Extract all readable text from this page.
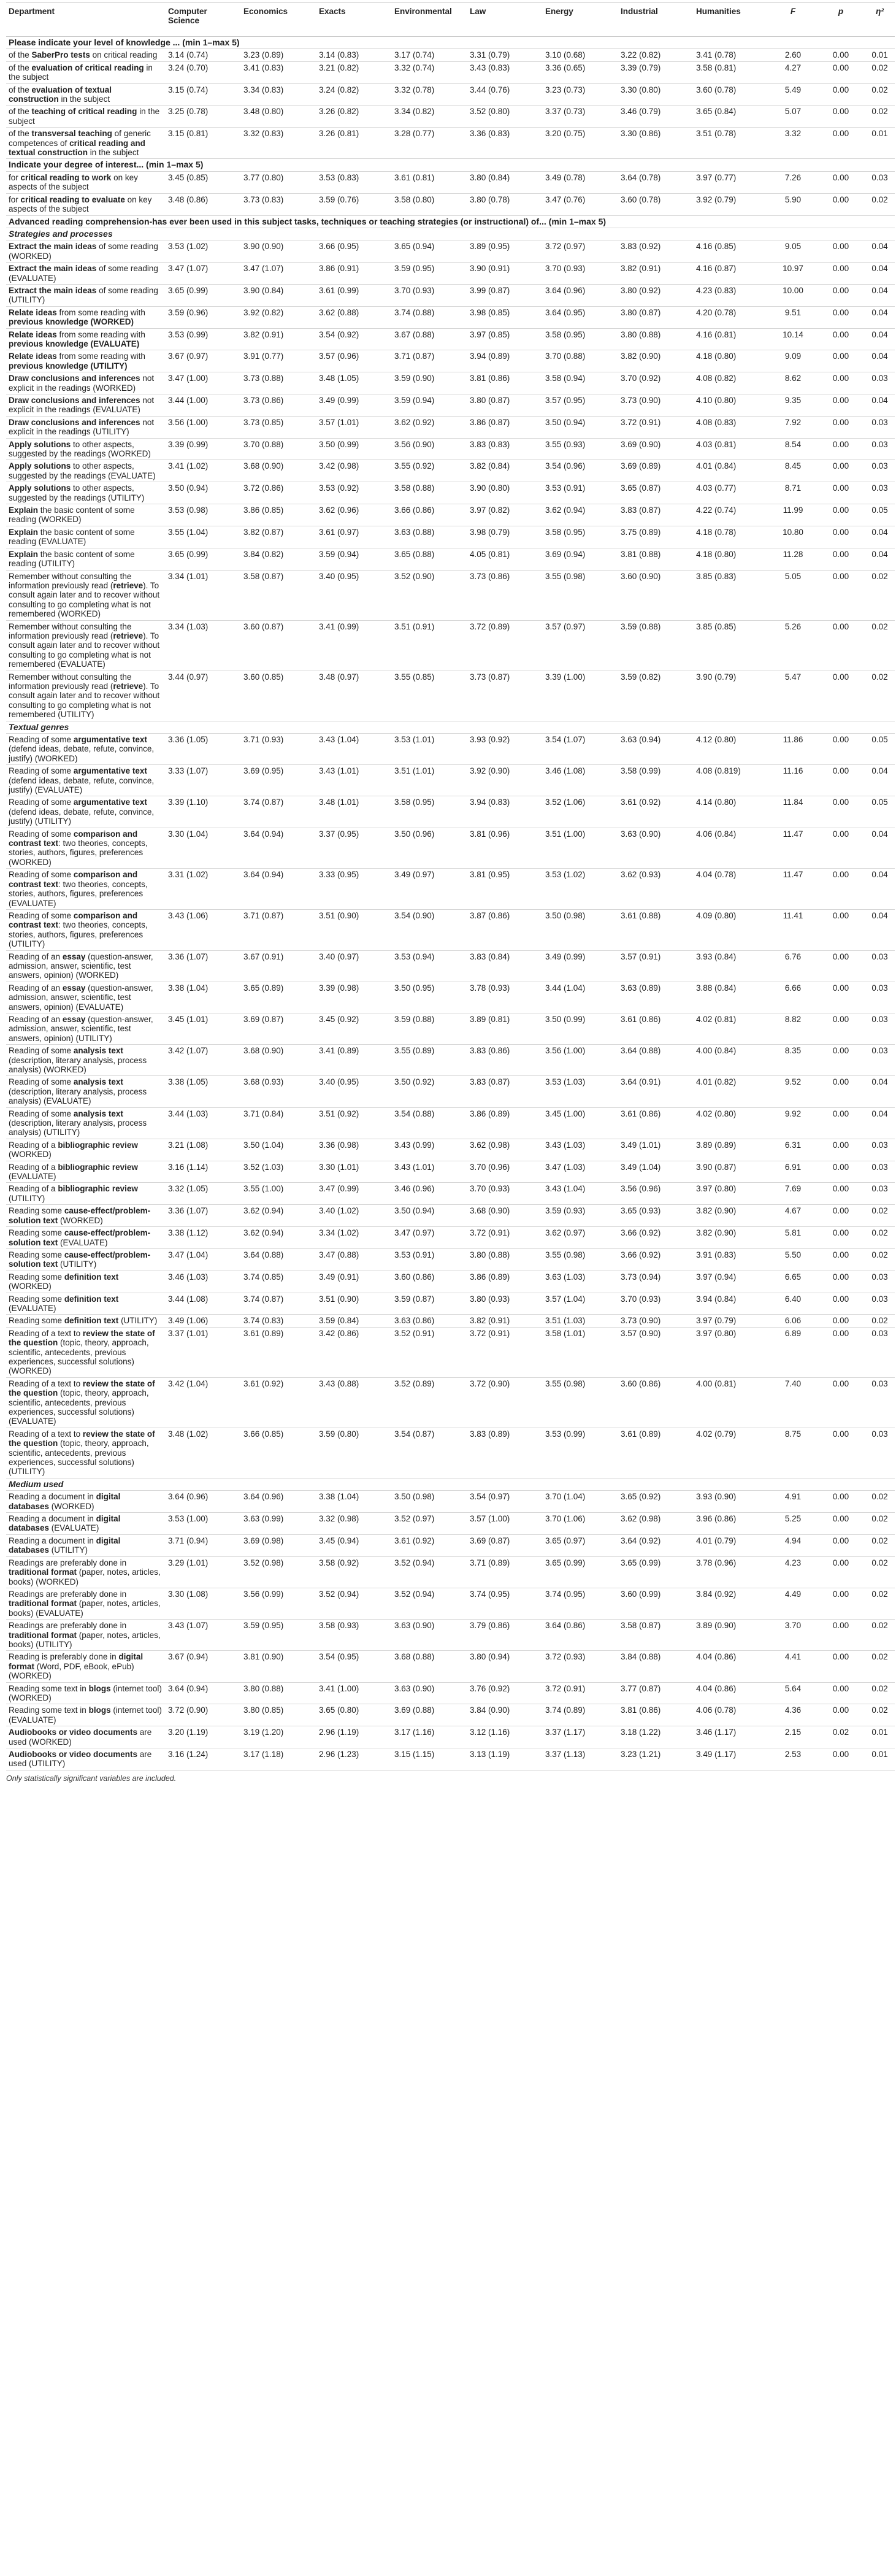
Department	Computer Science	Economics	Exacts	Environmental	Law	Energy	Industrial	Humanities	F	p	η²
Please indicate your level of knowledge ... (min 1–max 5)											
of the SaberPro tests on critical reading	3.14 (0.74)	3.23 (0.89)	3.14 (0.83)	3.17 (0.74)	3.31 (0.79)	3.10 (0.68)	3.22 (0.82)	3.41 (0.78)	2.60	0.00	0.01
of the evaluation of critical reading in the subject	3.24 (0.70)	3.41 (0.83)	3.21 (0.82)	3.32 (0.74)	3.43 (0.83)	3.36 (0.65)	3.39 (0.79)	3.58 (0.81)	4.27	0.00	0.02
of the evaluation of textual construction in the subject	3.15 (0.74)	3.34 (0.83)	3.24 (0.82)	3.32 (0.78)	3.44 (0.76)	3.23 (0.73)	3.30 (0.80)	3.60 (0.78)	5.49	0.00	0.02
of the teaching of critical reading in the subject	3.25 (0.78)	3.48 (0.80)	3.26 (0.82)	3.34 (0.82)	3.52 (0.80)	3.37 (0.73)	3.46 (0.79)	3.65 (0.84)	5.07	0.00	0.02
of the transversal teaching of generic competences of critical reading and textual construction in the subject	3.15 (0.81)	3.32 (0.83)	3.26 (0.81)	3.28 (0.77)	3.36 (0.83)	3.20 (0.75)	3.30 (0.86)	3.51 (0.78)	3.32	0.00	0.01
Indicate your degree of interest... (min 1–max 5)											
for critical reading to work on key aspects of the subject	3.45 (0.85)	3.77 (0.80)	3.53 (0.83)	3.61 (0.81)	3.80 (0.84)	3.49 (0.78)	3.64 (0.78)	3.97 (0.77)	7.26	0.00	0.03
for critical reading to evaluate on key aspects of the subject	3.48 (0.86)	3.73 (0.83)	3.59 (0.76)	3.58 (0.80)	3.80 (0.78)	3.47 (0.76)	3.60 (0.78)	3.92 (0.79)	5.90	0.00	0.02
Advanced reading comprehension-has ever been used in this subject tasks, techniques or teaching strategies (or instructional) of... (min 1–max 5)											
Strategies and processes											
Extract the main ideas of some reading (WORKED)	3.53 (1.02)	3.90 (0.90)	3.66 (0.95)	3.65 (0.94)	3.89 (0.95)	3.72 (0.97)	3.83 (0.92)	4.16 (0.85)	9.05	0.00	0.04
Extract the main ideas of some reading (EVALUATE)	3.47 (1.07)	3.47 (1.07)	3.86 (0.91)	3.59 (0.95)	3.90 (0.91)	3.70 (0.93)	3.82 (0.91)	4.16 (0.87)	10.97	0.00	0.04
Extract the main ideas of some reading (UTILITY)	3.65 (0.99)	3.90 (0.84)	3.61 (0.99)	3.70 (0.93)	3.99 (0.87)	3.64 (0.96)	3.80 (0.92)	4.23 (0.83)	10.00	0.00	0.04
Relate ideas from some reading with previous knowledge (WORKED)	3.59 (0.96)	3.92 (0.82)	3.62 (0.88)	3.74 (0.88)	3.98 (0.85)	3.64 (0.95)	3.80 (0.87)	4.20 (0.78)	9.51	0.00	0.04
Relate ideas from some reading with previous knowledge (EVALUATE)	3.53 (0.99)	3.82 (0.91)	3.54 (0.92)	3.67 (0.88)	3.97 (0.85)	3.58 (0.95)	3.80 (0.88)	4.16 (0.81)	10.14	0.00	0.04
Relate ideas from some reading with previous knowledge (UTILITY)	3.67 (0.97)	3.91 (0.77)	3.57 (0.96)	3.71 (0.87)	3.94 (0.89)	3.70 (0.88)	3.82 (0.90)	4.18 (0.80)	9.09	0.00	0.04
Draw conclusions and inferences not explicit in the readings (WORKED)	3.47 (1.00)	3.73 (0.88)	3.48 (1.05)	3.59 (0.90)	3.81 (0.86)	3.58 (0.94)	3.70 (0.92)	4.08 (0.82)	8.62	0.00	0.03
Draw conclusions and inferences not explicit in the readings (EVALUATE)	3.44 (1.00)	3.73 (0.86)	3.49 (0.99)	3.59 (0.94)	3.80 (0.87)	3.57 (0.95)	3.73 (0.90)	4.10 (0.80)	9.35	0.00	0.04
Draw conclusions and inferences not explicit in the readings (UTILITY)	3.56 (1.00)	3.73 (0.85)	3.57 (1.01)	3.62 (0.92)	3.86 (0.87)	3.50 (0.94)	3.72 (0.91)	4.08 (0.83)	7.92	0.00	0.03
Apply solutions to other aspects, suggested by the readings (WORKED)	3.39 (0.99)	3.70 (0.88)	3.50 (0.99)	3.56 (0.90)	3.83 (0.83)	3.55 (0.93)	3.69 (0.90)	4.03 (0.81)	8.54	0.00	0.03
Apply solutions to other aspects, suggested by the readings (EVALUATE)	3.41 (1.02)	3.68 (0.90)	3.42 (0.98)	3.55 (0.92)	3.82 (0.84)	3.54 (0.96)	3.69 (0.89)	4.01 (0.84)	8.45	0.00	0.03
Apply solutions to other aspects, suggested by the readings (UTILITY)	3.50 (0.94)	3.72 (0.86)	3.53 (0.92)	3.58 (0.88)	3.90 (0.80)	3.53 (0.91)	3.65 (0.87)	4.03 (0.77)	8.71	0.00	0.03
Explain the basic content of some reading (WORKED)	3.53 (0.98)	3.86 (0.85)	3.62 (0.96)	3.66 (0.86)	3.97 (0.82)	3.62 (0.94)	3.83 (0.87)	4.22 (0.74)	11.99	0.00	0.05
Explain the basic content of some reading (EVALUATE)	3.55 (1.04)	3.82 (0.87)	3.61 (0.97)	3.63 (0.88)	3.98 (0.79)	3.58 (0.95)	3.75 (0.89)	4.18 (0.78)	10.80	0.00	0.04
Explain the basic content of some reading (UTILITY)	3.65 (0.99)	3.84 (0.82)	3.59 (0.94)	3.65 (0.88)	4.05 (0.81)	3.69 (0.94)	3.81 (0.88)	4.18 (0.80)	11.28	0.00	0.04
Remember without consulting the information previously read (retrieve). To consult again later and to recover without consulting to go completing what is not remembered (WORKED)	3.34 (1.01)	3.58 (0.87)	3.40 (0.95)	3.52 (0.90)	3.73 (0.86)	3.55 (0.98)	3.60 (0.90)	3.85 (0.83)	5.05	0.00	0.02
Remember without consulting the information previously read (retrieve). To consult again later and to recover without consulting to go completing what is not remembered (EVALUATE)	3.34 (1.03)	3.60 (0.87)	3.41 (0.99)	3.51 (0.91)	3.72 (0.89)	3.57 (0.97)	3.59 (0.88)	3.85 (0.85)	5.26	0.00	0.02
Remember without consulting the information previously read (retrieve). To consult again later and to recover without consulting to go completing what is not remembered (UTILITY)	3.44 (0.97)	3.60 (0.85)	3.48 (0.97)	3.55 (0.85)	3.73 (0.87)	3.39 (1.00)	3.59 (0.82)	3.90 (0.79)	5.47	0.00	0.02
Textual genres											
Reading of some argumentative text (defend ideas, debate, refute, convince, justify) (WORKED)	3.36 (1.05)	3.71 (0.93)	3.43 (1.04)	3.53 (1.01)	3.93 (0.92)	3.54 (1.07)	3.63 (0.94)	4.12 (0.80)	11.86	0.00	0.05
Reading of some argumentative text (defend ideas, debate, refute, convince, justify) (EVALUATE)	3.33 (1.07)	3.69 (0.95)	3.43 (1.01)	3.51 (1.01)	3.92 (0.90)	3.46 (1.08)	3.58 (0.99)	4.08 (0.819)	11.16	0.00	0.04
Reading of some argumentative text (defend ideas, debate, refute, convince, justify) (UTILITY)	3.39 (1.10)	3.74 (0.87)	3.48 (1.01)	3.58 (0.95)	3.94 (0.83)	3.52 (1.06)	3.61 (0.92)	4.14 (0.80)	11.84	0.00	0.05
Reading of some comparison and contrast text: two theories, concepts, stories, authors, figures, preferences (WORKED)	3.30 (1.04)	3.64 (0.94)	3.37 (0.95)	3.50 (0.96)	3.81 (0.96)	3.51 (1.00)	3.63 (0.90)	4.06 (0.84)	11.47	0.00	0.04
Reading of some comparison and contrast text: two theories, concepts, stories, authors, figures, preferences (EVALUATE)	3.31 (1.02)	3.64 (0.94)	3.33 (0.95)	3.49 (0.97)	3.81 (0.95)	3.53 (1.02)	3.62 (0.93)	4.04 (0.78)	11.47	0.00	0.04
Reading of some comparison and contrast text: two theories, concepts, stories, authors, figures, preferences (UTILITY)	3.43 (1.06)	3.71 (0.87)	3.51 (0.90)	3.54 (0.90)	3.87 (0.86)	3.50 (0.98)	3.61 (0.88)	4.09 (0.80)	11.41	0.00	0.04
Reading of an essay (question-answer, admission, answer, scientific, test answers, opinion) (WORKED)	3.36 (1.07)	3.67 (0.91)	3.40 (0.97)	3.53 (0.94)	3.83 (0.84)	3.49 (0.99)	3.57 (0.91)	3.93 (0.84)	6.76	0.00	0.03
Reading of an essay (question-answer, admission, answer, scientific, test answers, opinion) (EVALUATE)	3.38 (1.04)	3.65 (0.89)	3.39 (0.98)	3.50 (0.95)	3.78 (0.93)	3.44 (1.04)	3.63 (0.89)	3.88 (0.84)	6.66	0.00	0.03
Reading of an essay (question-answer, admission, answer, scientific, test answers, opinion) (UTILITY)	3.45 (1.01)	3.69 (0.87)	3.45 (0.92)	3.59 (0.88)	3.89 (0.81)	3.50 (0.99)	3.61 (0.86)	4.02 (0.81)	8.82	0.00	0.03
Reading of some analysis text (description, literary analysis, process analysis) (WORKED)	3.42 (1.07)	3.68 (0.90)	3.41 (0.89)	3.55 (0.89)	3.83 (0.86)	3.56 (1.00)	3.64 (0.88)	4.00 (0.84)	8.35	0.00	0.03
Reading of some analysis text (description, literary analysis, process analysis) (EVALUATE)	3.38 (1.05)	3.68 (0.93)	3.40 (0.95)	3.50 (0.92)	3.83 (0.87)	3.53 (1.03)	3.64 (0.91)	4.01 (0.82)	9.52	0.00	0.04
Reading of some analysis text (description, literary analysis, process analysis) (UTILITY)	3.44 (1.03)	3.71 (0.84)	3.51 (0.92)	3.54 (0.88)	3.86 (0.89)	3.45 (1.00)	3.61 (0.86)	4.02 (0.80)	9.92	0.00	0.04
Reading of a bibliographic review (WORKED)	3.21 (1.08)	3.50 (1.04)	3.36 (0.98)	3.43 (0.99)	3.62 (0.98)	3.43 (1.03)	3.49 (1.01)	3.89 (0.89)	6.31	0.00	0.03
Reading of a bibliographic review (EVALUATE)	3.16 (1.14)	3.52 (1.03)	3.30 (1.01)	3.43 (1.01)	3.70 (0.96)	3.47 (1.03)	3.49 (1.04)	3.90 (0.87)	6.91	0.00	0.03
Reading of a bibliographic review (UTILITY)	3.32 (1.05)	3.55 (1.00)	3.47 (0.99)	3.46 (0.96)	3.70 (0.93)	3.43 (1.04)	3.56 (0.96)	3.97 (0.80)	7.69	0.00	0.03
Reading some cause-effect/problem-solution text (WORKED)	3.36 (1.07)	3.62 (0.94)	3.40 (1.02)	3.50 (0.94)	3.68 (0.90)	3.59 (0.93)	3.65 (0.93)	3.82 (0.90)	4.67	0.00	0.02
Reading some cause-effect/problem-solution text (EVALUATE)	3.38 (1.12)	3.62 (0.94)	3.34 (1.02)	3.47 (0.97)	3.72 (0.91)	3.62 (0.97)	3.66 (0.92)	3.82 (0.90)	5.81	0.00	0.02
Reading some cause-effect/problem-solution text (UTILITY)	3.47 (1.04)	3.64 (0.88)	3.47 (0.88)	3.53 (0.91)	3.80 (0.88)	3.55 (0.98)	3.66 (0.92)	3.91 (0.83)	5.50	0.00	0.02
Reading some definition text (WORKED)	3.46 (1.03)	3.74 (0.85)	3.49 (0.91)	3.60 (0.86)	3.86 (0.89)	3.63 (1.03)	3.73 (0.94)	3.97 (0.94)	6.65	0.00	0.03
Reading some definition text (EVALUATE)	3.44 (1.08)	3.74 (0.87)	3.51 (0.90)	3.59 (0.87)	3.80 (0.93)	3.57 (1.04)	3.70 (0.93)	3.94 (0.84)	6.40	0.00	0.03
Reading some definition text (UTILITY)	3.49 (1.06)	3.74 (0.83)	3.59 (0.84)	3.63 (0.86)	3.82 (0.91)	3.51 (1.03)	3.73 (0.90)	3.97 (0.79)	6.06	0.00	0.02
Reading of a text to review the state of the question (topic, theory, approach, scientific, antecedents, previous experiences, successful solutions) (WORKED)	3.37 (1.01)	3.61 (0.89)	3.42 (0.86)	3.52 (0.91)	3.72 (0.91)	3.58 (1.01)	3.57 (0.90)	3.97 (0.80)	6.89	0.00	0.03
Reading of a text to review the state of the question (topic, theory, approach, scientific, antecedents, previous experiences, successful solutions) (EVALUATE)	3.42 (1.04)	3.61 (0.92)	3.43 (0.88)	3.52 (0.89)	3.72 (0.90)	3.55 (0.98)	3.60 (0.86)	4.00 (0.81)	7.40	0.00	0.03
Reading of a text to review the state of the question (topic, theory, approach, scientific, antecedents, previous experiences, successful solutions) (UTILITY)	3.48 (1.02)	3.66 (0.85)	3.59 (0.80)	3.54 (0.87)	3.83 (0.89)	3.53 (0.99)	3.61 (0.89)	4.02 (0.79)	8.75	0.00	0.03
Medium used											
Reading a document in digital databases (WORKED)	3.64 (0.96)	3.64 (0.96)	3.38 (1.04)	3.50 (0.98)	3.54 (0.97)	3.70 (1.04)	3.65 (0.92)	3.93 (0.90)	4.91	0.00	0.02
Reading a document in digital databases (EVALUATE)	3.53 (1.00)	3.63 (0.99)	3.32 (0.98)	3.52 (0.97)	3.57 (1.00)	3.70 (1.06)	3.62 (0.98)	3.96 (0.86)	5.25	0.00	0.02
Reading a document in digital databases (UTILITY)	3.71 (0.94)	3.69 (0.98)	3.45 (0.94)	3.61 (0.92)	3.69 (0.87)	3.65 (0.97)	3.64 (0.92)	4.01 (0.79)	4.94	0.00	0.02
Readings are preferably done in traditional format (paper, notes, articles, books) (WORKED)	3.29 (1.01)	3.52 (0.98)	3.58 (0.92)	3.52 (0.94)	3.71 (0.89)	3.65 (0.99)	3.65 (0.99)	3.78 (0.96)	4.23	0.00	0.02
Readings are preferably done in traditional format (paper, notes, articles, books) (EVALUATE)	3.30 (1.08)	3.56 (0.99)	3.52 (0.94)	3.52 (0.94)	3.74 (0.95)	3.74 (0.95)	3.60 (0.99)	3.84 (0.92)	4.49	0.00	0.02
Readings are preferably done in traditional format (paper, notes, articles, books) (UTILITY)	3.43 (1.07)	3.59 (0.95)	3.58 (0.93)	3.63 (0.90)	3.79 (0.86)	3.64 (0.86)	3.58 (0.87)	3.89 (0.90)	3.70	0.00	0.02
Reading is preferably done in digital format (Word, PDF, eBook, ePub) (WORKED)	3.67 (0.94)	3.81 (0.90)	3.54 (0.95)	3.68 (0.88)	3.80 (0.94)	3.72 (0.93)	3.84 (0.88)	4.04 (0.86)	4.41	0.00	0.02
Reading some text in blogs (internet tool) (WORKED)	3.64 (0.94)	3.80 (0.88)	3.41 (1.00)	3.63 (0.90)	3.76 (0.92)	3.72 (0.91)	3.77 (0.87)	4.04 (0.86)	5.64	0.00	0.02
Reading some text in blogs (internet tool) (EVALUATE)	3.72 (0.90)	3.80 (0.85)	3.65 (0.80)	3.69 (0.88)	3.84 (0.90)	3.74 (0.89)	3.81 (0.86)	4.06 (0.78)	4.36	0.00	0.02
Audiobooks or video documents are used (WORKED)	3.20 (1.19)	3.19 (1.20)	2.96 (1.19)	3.17 (1.16)	3.12 (1.16)	3.37 (1.17)	3.18 (1.22)	3.46 (1.17)	2.15	0.02	0.01
Audiobooks or video documents are used (UTILITY)	3.16 (1.24)	3.17 (1.18)	2.96 (1.23)	3.15 (1.15)	3.13 (1.19)	3.37 (1.13)	3.23 (1.21)	3.49 (1.17)	2.53	0.00	0.01
Only statistically significant variables are included.
